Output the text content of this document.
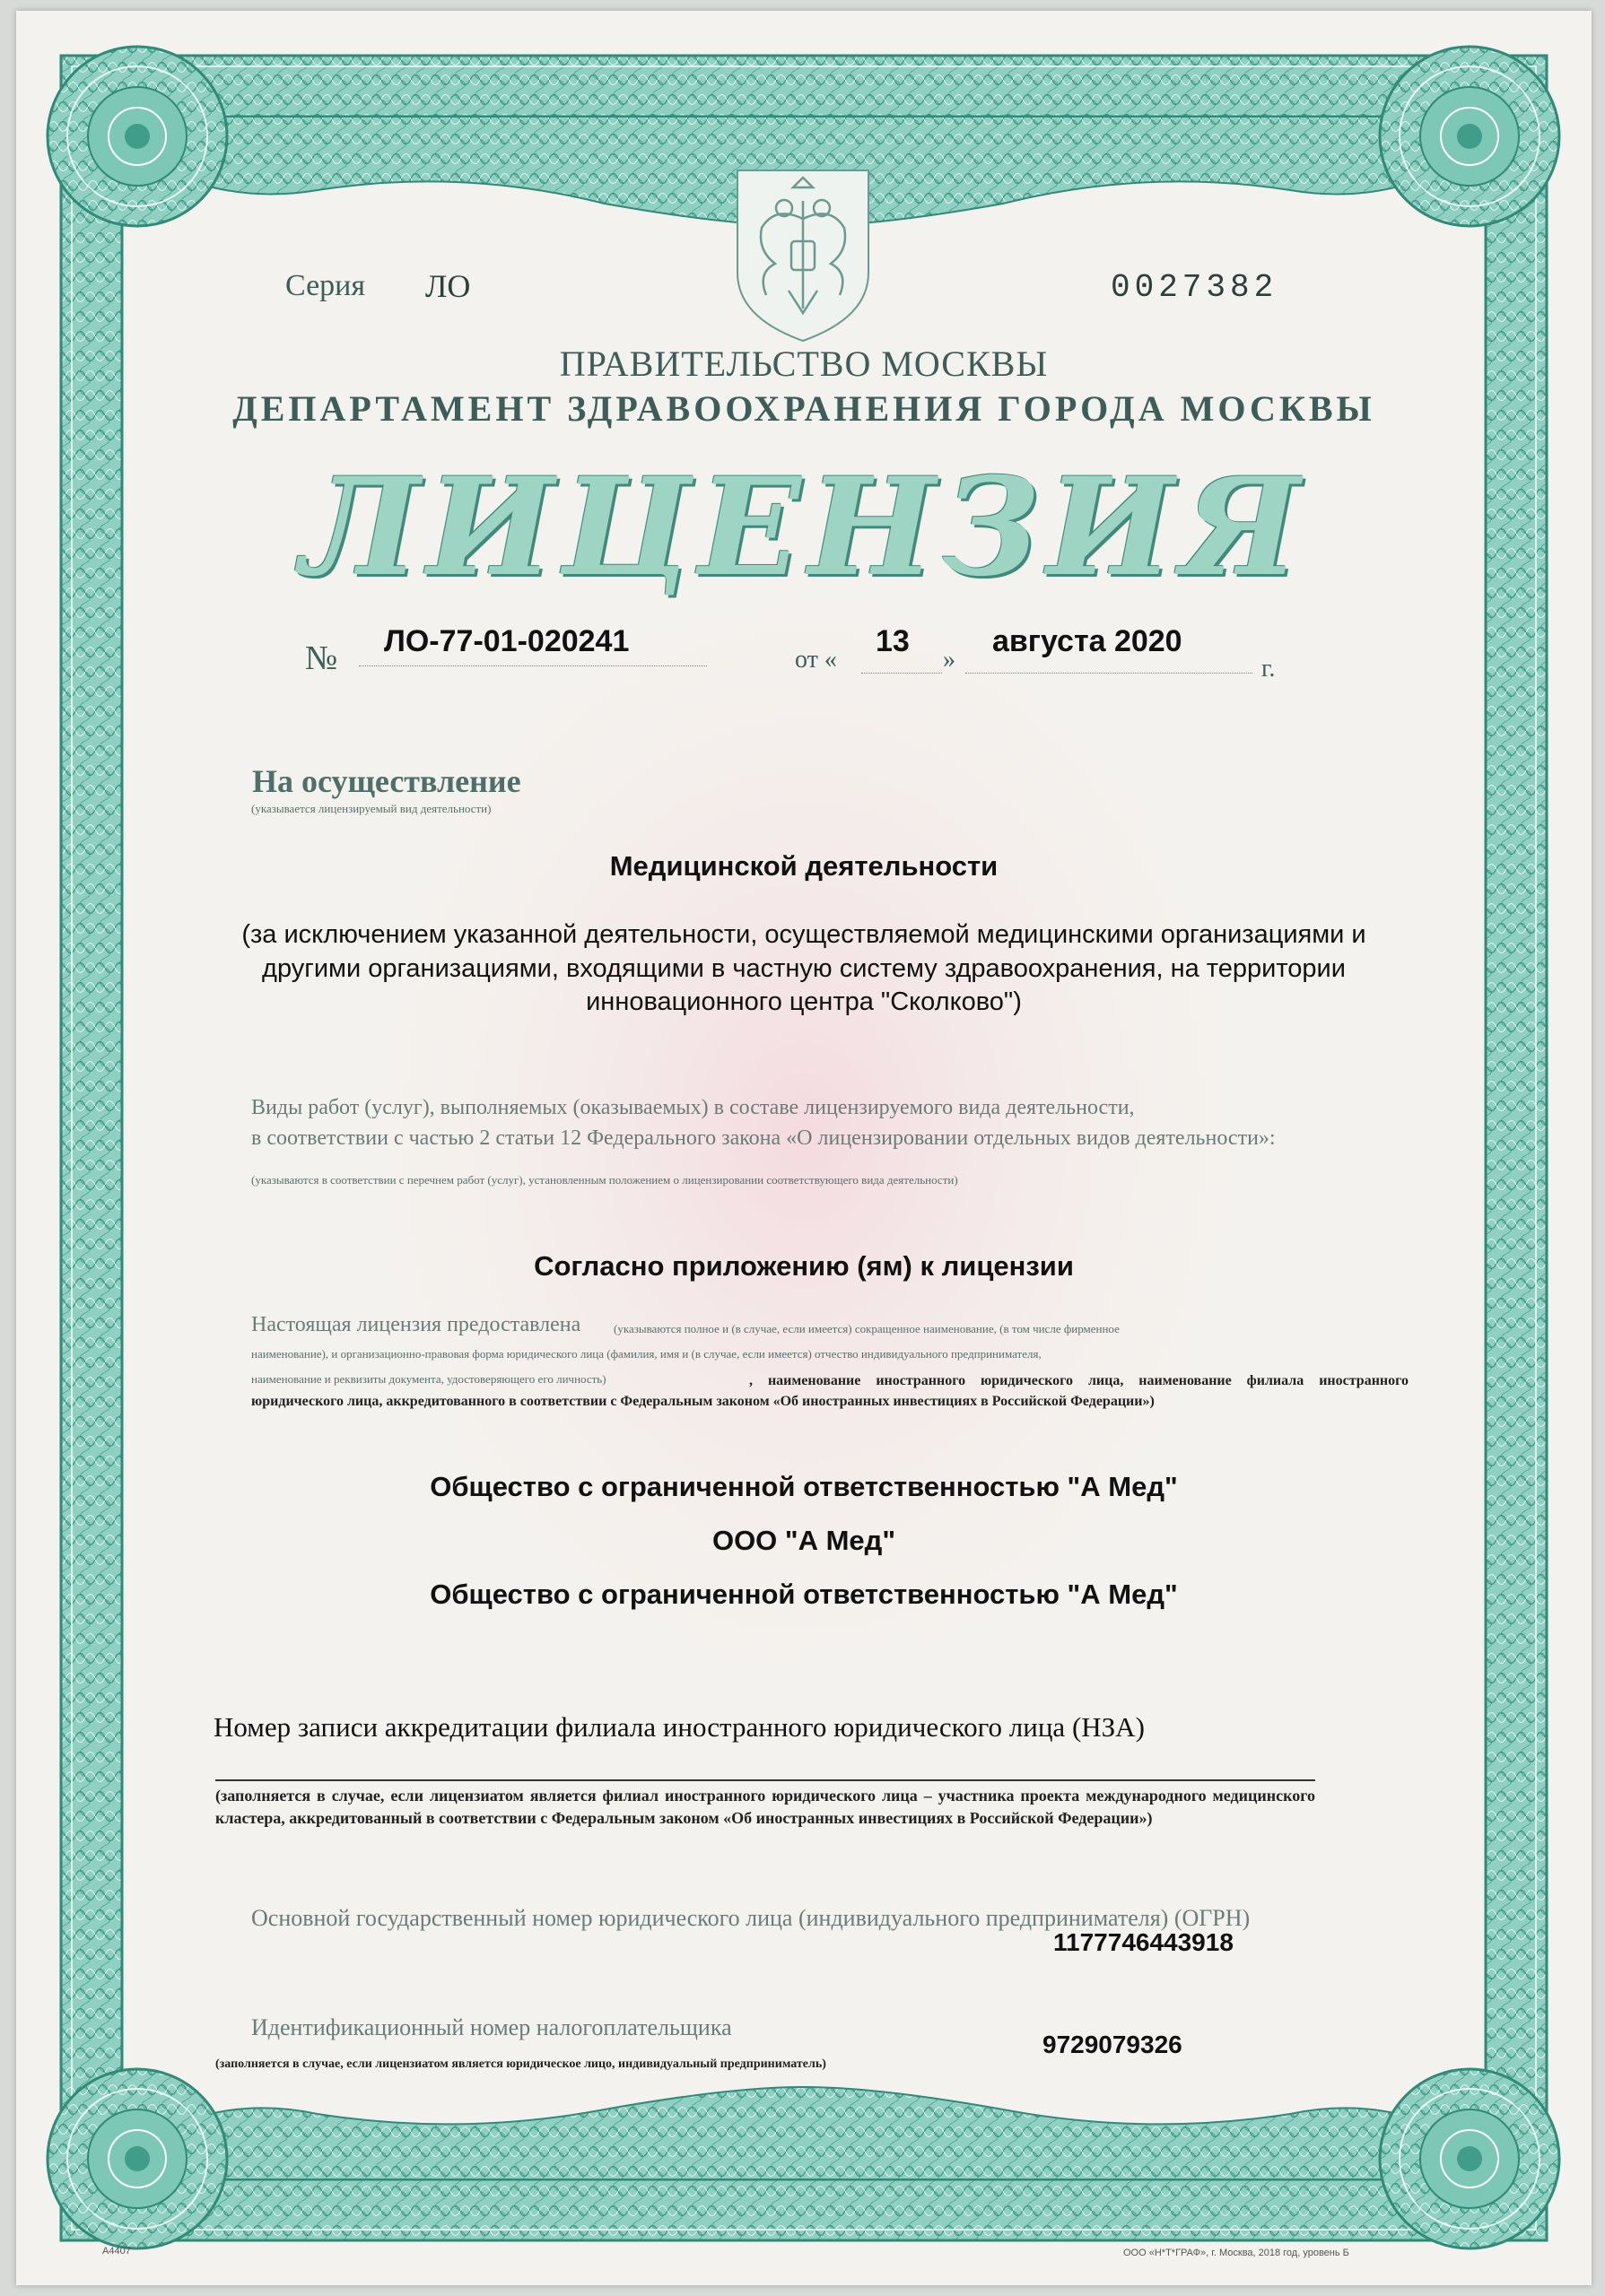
Серия ЛО	0027382
ПРАВИТЕЛЬСТВО МОСКВЫ
ДЕПАРТАМЕНТ ЗДРАВООХРАНЕНИЯ ГОРОДА МОСКВЫ
ЛИЦЕНЗИЯ
№ ЛО-77-01-020241
от «
13
»
августа 2020
г.
На осуществление
(указывается лицензируемый вид деятельности)
Медицинской деятельности
(за исключением указанной деятельности, осуществляемой медицинскими организациями и другими организациями, входящими в частную систему здравоохранения, на территории инновационного центра "Сколково")
Виды работ (услуг), выполняемых (оказываемых) в составе лицензируемого вида деятельности,
в соответствии с частью 2 статьи 12 Федерального закона «О лицензировании отдельных видов деятельности»:
(указываются в соответствии с перечнем работ (услуг), установленным положением о лицензировании соответствующего вида деятельности)
Согласно приложению (ям) к лицензии
Настоящая лицензия предоставлена	(указываются полное и (в случае, если имеется) сокращенное наименование, (в том числе фирменное
наименование), и организационно-правовая форма юридического лица (фамилия, имя и (в случае, если имеется) отчество индивидуального предпринимателя,
наименование и реквизиты документа, удостоверяющего его личность)	, наименование иностранного юридического лица, наименование филиала иностранного юридического лица, аккредитованного в соответствии с Федеральным законом «Об иностранных инвестициях в Российской Федерации»)
Общество с ограниченной ответственностью "А Мед"
ООО "А Мед"
Общество с ограниченной ответственностью "А Мед"
Номер записи аккредитации филиала иностранного юридического лица (НЗА)
(заполняется в случае, если лицензиатом является филиал иностранного юридического лица – участника проекта международного медицинского кластера, аккредитованный в соответствии с Федеральным законом «Об иностранных инвестициях в Российской Федерации»)
Основной государственный номер юридического лица (индивидуального предпринимателя) (ОГРН)
1177746443918
Идентификационный номер налогоплательщика
(заполняется в случае, если лицензиатом является юридическое лицо, индивидуальный предприниматель)
9729079326
А4407	ООО «Н*Т*ГРАФ», г. Москва, 2018 год, уровень Б
